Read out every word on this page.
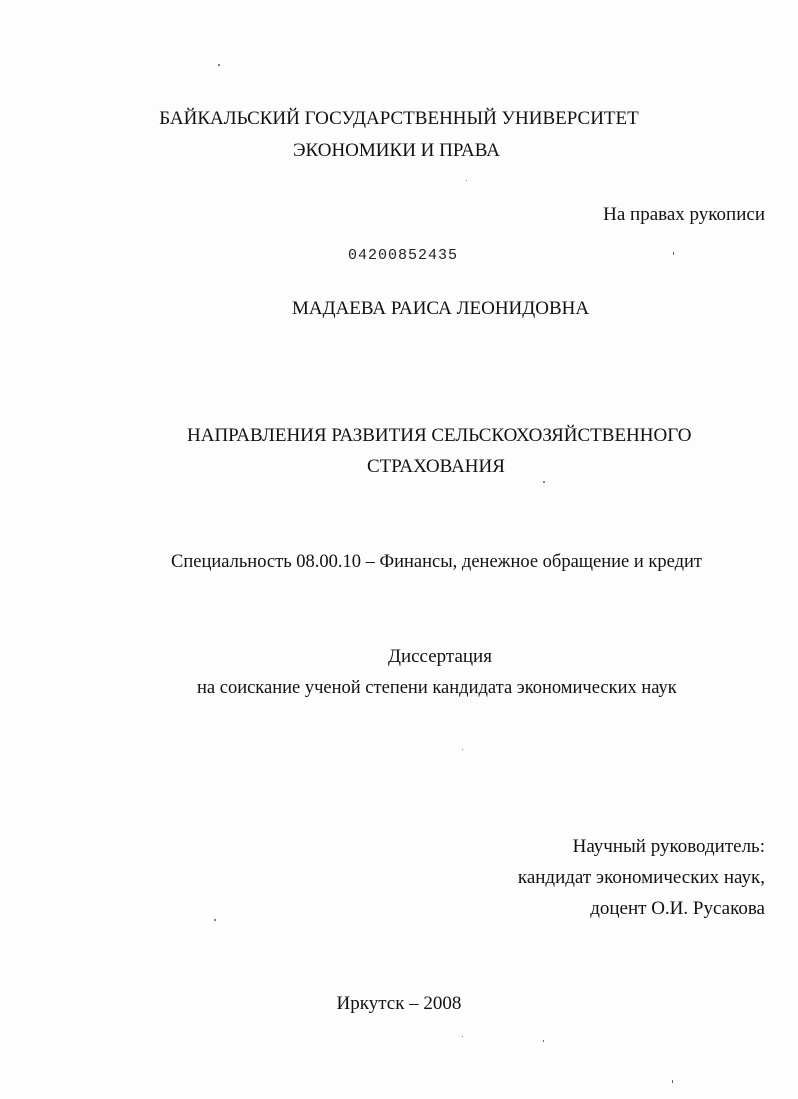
БАЙКАЛЬСКИЙ ГОСУДАРСТВЕННЫЙ УНИВЕРСИТЕТ
ЭКОНОМИКИ И ПРАВА
На правах рукописи
04200852435
МАДАЕВА РАИСА ЛЕОНИДОВНА
НАПРАВЛЕНИЯ РАЗВИТИЯ СЕЛЬСКОХОЗЯЙСТВЕННОГО
СТРАХОВАНИЯ
Специальность 08.00.10 – Финансы, денежное обращение и кредит
Диссертация
на соискание ученой степени кандидата экономических наук
Научный руководитель:
кандидат экономических наук,
доцент О.И. Русакова
Иркутск – 2008
